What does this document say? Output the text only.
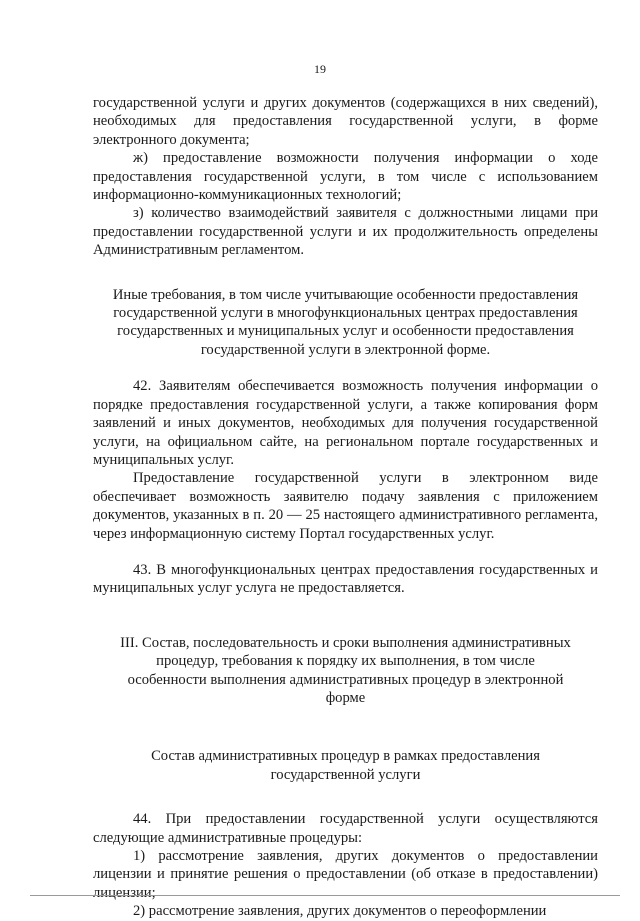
19

государственной услуги и других документов (содержащихся в них сведений), необходимых для предоставления государственной услуги, в форме электронного документа;

ж) предоставление возможности получения информации о ходе предоставления государственной услуги, в том числе с использованием информационно-коммуникационных технологий;

з) количество взаимодействий заявителя с должностными лицами при предоставлении государственной услуги и их продолжительность определены Административным регламентом.

Иные требования, в том числе учитывающие особенности предоставления государственной услуги в многофункциональных центрах предоставления государственных и муниципальных услуг и особенности предоставления государственной услуги в электронной форме.

42. Заявителям обеспечивается возможность получения информации о порядке предоставления государственной услуги, а также копирования форм заявлений и иных документов, необходимых для получения государственной услуги, на официальном сайте, на региональном портале государственных и муниципальных услуг.

Предоставление государственной услуги в электронном виде обеспечивает возможность заявителю подачу заявления с приложением документов, указанных в п. 20 — 25 настоящего административного регламента, через информационную систему Портал государственных услуг.

43. В многофункциональных центрах предоставления государственных и муниципальных услуг услуга не предоставляется.

III. Состав, последовательность и сроки выполнения административных процедур, требования к порядку их выполнения, в том числе особенности выполнения административных процедур в электронной форме

Состав административных процедур в рамках предоставления государственной услуги

44. При предоставлении государственной услуги осуществляются следующие административные процедуры:

1) рассмотрение заявления, других документов о предоставлении лицензии и принятие решения о предоставлении (об отказе в предоставлении) лицензии;

2) рассмотрение заявления, других документов о переоформлении
